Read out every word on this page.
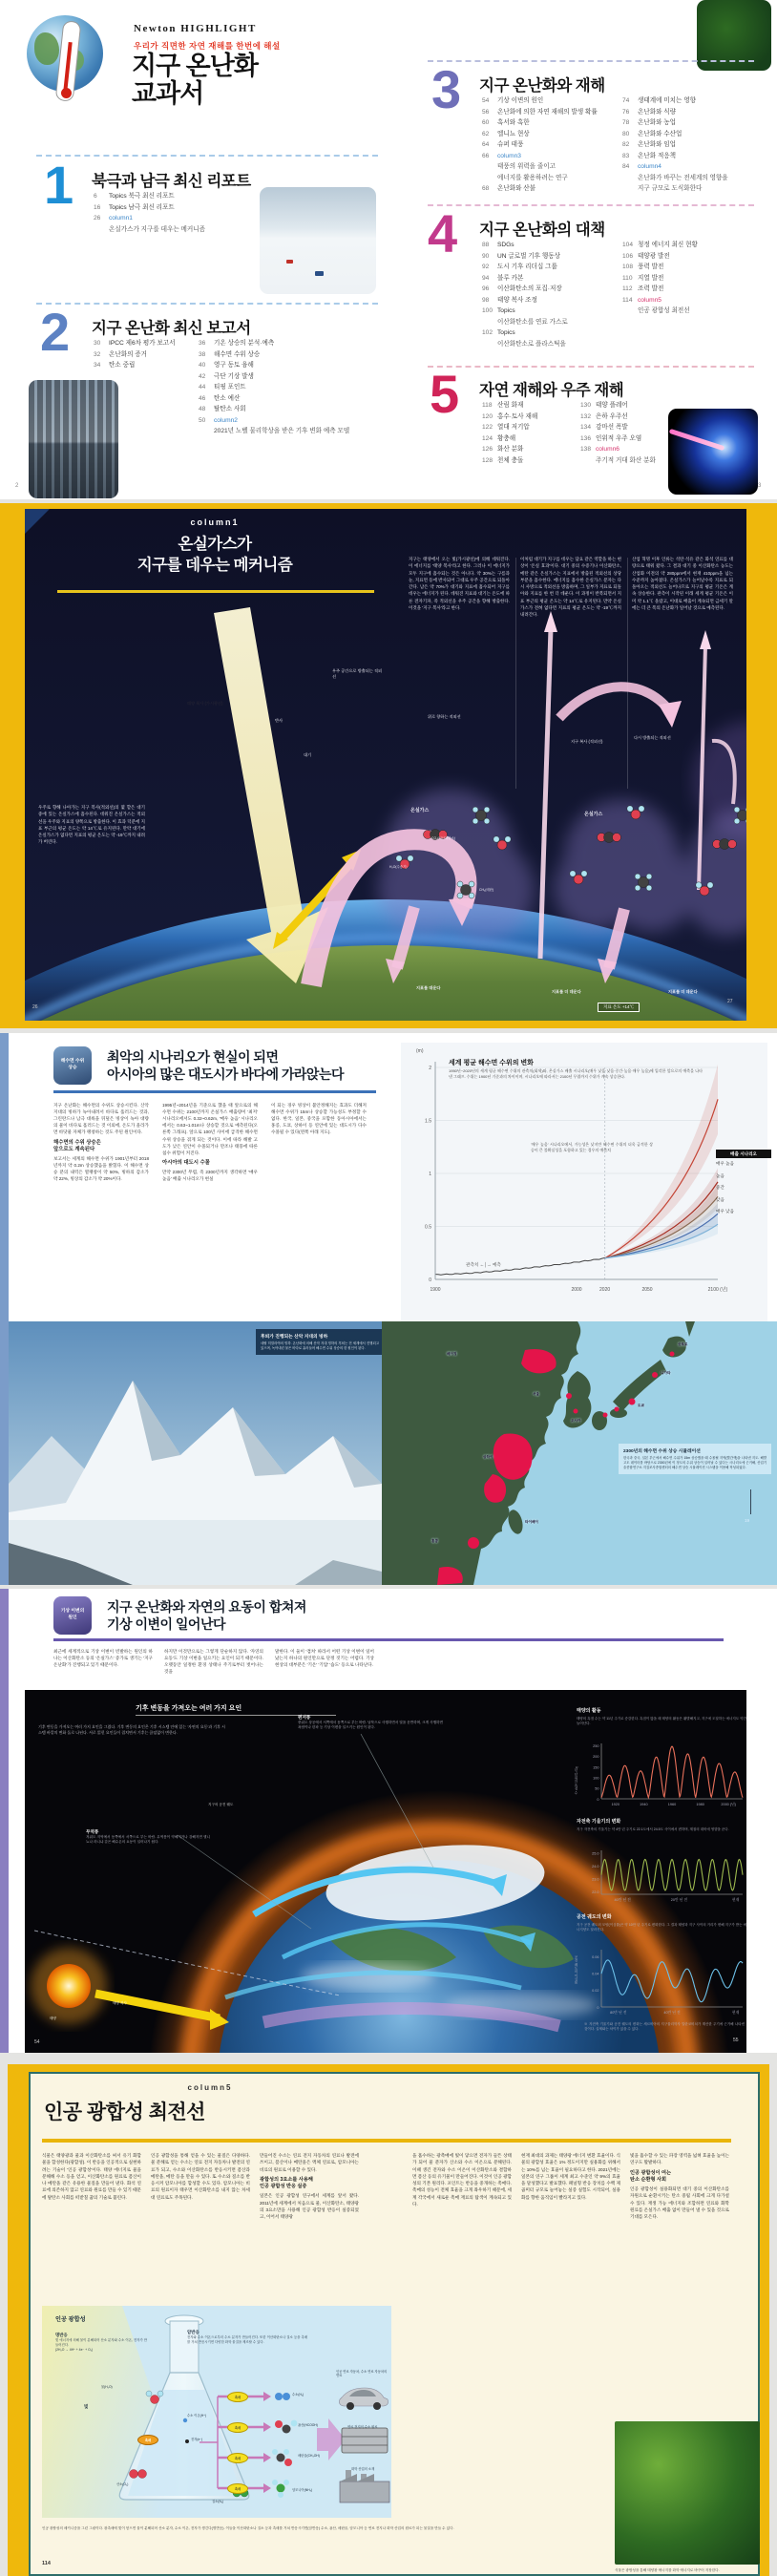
Newton HIGHLIGHT
우리가 직면한 자연 재해를 한번에 해설
지구 온난화
교과서
1 북극과 남극 최신 리포트
6	Topics 북극 최신 리포트
16	Topics 남극 최신 리포트
26	column1
온실가스가 지구를 데우는 메커니즘
2 지구 온난화 최신 보고서
30	IPCC 제6차 평가 보고서
32	온난화의 증거
34	탄소 중립
36	기온 상승의 분석·예측
38	해수면 수위 상승
40	영구 동토 융해
42	극단 기상 발생
44	티핑 포인트
46	탄소 예산
48	탈탄소 사회
50	column2
2021년 노벨 물리학상을 받은 기후 변화 예측 모델
3 지구 온난화와 재해
54	기상 이변의 원인
56	온난화에 의한 자연 재해의 발생 확률
60	혹서와 혹한
62	엘니뇨 현상
64	슈퍼 태풍
66	column3
태풍의 위력을 줄이고
에너지를 활용하려는 연구
68	온난화와 산불
74	생태계에 미치는 영향
76	온난화와 식량
78	온난화와 농업
80	온난화와 수산업
82	온난화와 임업
83	온난화 적응책
84	column4
온난화가 바꾸는 전세계의 영향을
지구 규모로 도식화한다
4 지구 온난화의 대책
88	SDGs
90	UN 글로벌 기후 행동상
92	도시 기후 리더십 그룹
94	블루 카본
96	이산화탄소의 포집·저장
98	태양 복사 조정
100 Topics
이산화탄소를 연료 가스로
102 Topics
이산화탄소로 플라스틱을
104 청정 에너지 최신 현황
106 태양광 발전
108 풍력 발전
110 지열 발전
112 조력 발전
114 column5
인공 광합성 최전선
5 자연 재해와 우주 재해
118 산림 화재
120 홍수·토사 재해
122 열대 저기압
124 황충해
126 화산 분화
128 천체 충돌
130 태양 플레어
132 은하 우주선
134 감마선 폭발
136 인위적 우주 오염
138 column6
주기적 거대 화산 분화
2	3
column1
온실가스가
지구를 데우는 메커니즘	지구는 태양에서 오는 빛(가시광선)에 의해 데워진다. 이 에너지를 '태양 복사'라고 한다. 그러나 이 에너지가 모두 지구에 흡수되는 것은 아니다. 약 30%는 구름과 눈, 지표면 등에 반사되어 그대로 우주 공간으로 되돌아간다. 남은 약 70%가 대기와 지표에 흡수되어 지구를 데우는 에너지가 된다. 데워진 지표와 대기는 온도에 따른 전자기파, 즉 적외선을 우주 공간을 향해 방출한다. 이것을 '지구 복사'라고 한다.
이처럼 대기가 지구를 데우는 담요 같은 역할을 하는 현상이 '온실 효과'이다. 대기 중의 수증기나 이산화탄소, 메탄 같은 온실가스는 지표에서 방출된 적외선의 상당 부분을 흡수한다. 에너지를 흡수한 온실가스 분자는 다시 사방으로 적외선을 방출하며, 그 일부가 지표로 되돌아와 지표를 한 번 더 데운다. 이 과정이 반복되면서 지표 부근의 평균 온도는 약 14℃로 유지된다. 만약 온실가스가 전혀 없다면 지표의 평균 온도는 약 -19℃까지 내려간다.
산업 혁명 이후 인류는 석탄·석유 같은 화석 연료를 대량으로 태워 왔다. 그 결과 대기 중 이산화탄소 농도는 산업화 이전의 약 280ppm에서 현재 410ppm을 넘는 수준까지 높아졌다. 온실가스가 늘어날수록 지표로 되돌아오는 적외선도 늘어나므로 지구의 평균 기온은 계속 상승한다. 관측이 시작된 이래 세계 평균 기온은 이미 약 1.1℃ 올랐고, 이대로 배출이 계속되면 금세기 말에는 더 큰 폭의 온난화가 일어날 것으로 예측된다.
우주로 향해 나아가는 지구 복사(적외선)의 몇 할은 대기 중에 있는 온실가스에 흡수된다. 데워진 온실가스는 적외선을 우주와 지표의 양쪽으로 방출한다. 이 효과 덕분에 지표 부근의 평균 온도는 약 14℃로 유지된다. 만약 대기에 온실가스가 없다면 지표의 평균 온도는 약 -19℃까지 내려가 버린다.
태양 복사 (가시광선)
반사
대기
우주 공간으로 방출되는 적외선
위로 향하는 적외선
지구 복사 (적외선)
다시 방출되는 적외선
온실가스
온실가스
CO₂(이산화탄소)
H₂O(수증기)
CH₄(메탄)
지표를 데운다
지표를 더 데운다	지표를 더 데운다
지표 온도 +14℃
26
27
해수면 수위
상승
최악의 시나리오가 현실이 되면
아시아의 많은 대도시가 바다에 가라앉는다
지구 온난화는 해수면의 수위도 상승시킨다. 산악 지대의 빙하가 녹아내려서 바다로 흘러드는 것과, 그린란드나 남극 대륙을 뒤덮은 빙상이 녹아 대량의 물이 바다로 흘러드는 것 이외에, 온도가 올라가면 바닷물 자체가 팽창하는 것도 주된 원인이다.
해수면의 수위 상승은
앞으로도 계속된다
보고서는 세계의 해수면 수위가 1901년부터 2018년까지 약 0.2m 상승했음을 밝혔다. 이 해수면 상승 분의 내역은 열팽창이 약 50%, 빙하의 감소가 약 22%, 빙상의 감소가 약 20%이다.
1995년~2014년을 기준으로 했을 때 앞으로의 해수면 수위는 2100년까지 온실가스 배출량이 '최저' 시나리오에서도 0.32~0.62m, '매우 높음' 시나리오에서는 0.63~1.01m나 상승할 것으로 예측된다(오른쪽 그래프). 앞으로 100년 사이에 급격한 해수면 수위 상승을 겪게 되는 것이다. 이에 따라 해발 고도가 낮은 연안이 수몰되거나 만조나 태풍에 따른 침수 위험이 커진다.
아시아의 대도시 수몰
만약 2300년 무렵, 즉 2300년까지 생각하면 '매우 높음' 배출 시나리오가 현실
이 되는 경우 빙상이 불안정해지는 효과도 더해져 해수면 수위가 15m나 상승할 가능성도 부정할 수 없다. 한국, 일본, 중국을 포함한 동아시아에서는 홍콩, 도쿄, 상하이 등 연안에 있는 대도시가 다수 수몰될 수 있다(왼쪽 아래 지도).
0
0.5
1
1.5
2
1900	2000	2020	2050	2100 (년)
(m)
세계 평균 해수면 수위의 변화
1950년~2020년의 세계 평균 해수면 수위의 관측치(회색)와, 온실가스 배출 시나리오(매우 낮음·낮음·중간·높음·매우 높음)에 입각한 앞으로의 예측을 나타낸 그래프. 수위는 1900년 기준과의 차이이며, 시나리오에 따라서는 2100년 무렵까지 수위가 계속 상승한다.
'매우 높음' 시나리오에서, 가능성은 낮지만 해수면 수위의 더욱 급격한 상승이 큰 불확실성을 포함하고 있는 경우의 예측치
관측치 ←│→ 예측
배출 시나리오
매우 높음
높음
중간
낮음
매우 낮음
후퇴가 진행되는 산악 지대의 빙하
네팔 히말라야의 빙하. 온난화에 의해 산악 지대 빙하의 후퇴는 전 세계에서 진행되고 있으며, 녹아내린 물은 바다로 흘러들어 해수면 수위 상승의 한 원인이 된다.
베이징
서울
상하이
타이베이
홍콩
도쿄
오사카
니가타
삿포로
2300년의 해수면 수위 상승 시뮬레이션
한국과 중국, 일본 부근에서 해수면 수위가 15m 상승했을 때 수몰될 지역(빨간색)을 나타낸 지도. 해발 고도 데이터를 바탕으로 2300년에 이 정도의 수위 상승이 일어날 수 있다는 시나리오에 근거해, 산업기술종합연구소 지질조사종합센터의 해수면 상승 시뮬레이션 시스템을 이용해 작성되었다.
19
기상 이변의
원인
지구 온난화와 자연의 요동이 합쳐져
기상 이변이 일어난다
최근에 세계적으로 기상 이변이 빈발하는 원인의 하나는 이산화탄소 등의 '온실가스' 증가로 생기는 '지구 온난화'가 진행되고 있기 때문이다.
하지만 이것만으로는 그렇게 단순하지 않다. '자연의 요동'도 기상 이변을 일으키는 요인이 되기 때문이다. 오랫동안 일정한 환경 상태나 주기로부터 벗어나는 것을
말한다. 이 둘이 '겹쳐' 따라서 어떤 기상 이변이 일어났는지 하나의 원인만으로 단정 짓기는 어렵다. 기상 현상의 대부분은 '기온' '기압' '습도' 등으로 나타난다.
기후 변동을 가져오는 여러 가지 요인
기후 변동을 가져오는 여러 가지 요인을 그렸다. 기후 변동의 요인은 기후 시스템 안에 있는 '자연의 요동'과 기후 시스템 바깥의 변화 둘로 나뉜다. 서로 얽힌 요인들이 겹치면서 기후는 끊임없이 변한다.
편서풍
중위도 상공에서 서쪽에서 동쪽으로 부는 바람. 남북으로 사행하면서 열을 운반하며, 크게 사행하면 폭염이나 한파 등 기상 이변을 일으키는 원인이 된다.
지구의 공전 궤도
무역풍
저위도 지역에서 동쪽에서 서쪽으로 부는 바람. 무역풍이 약해지거나 강해지면 엘니뇨나 라니냐 같은 해수온의 요동이 일어나기 쉽다.
태양
태양 복사
태양의 활동
태양의 흑점 수는 약 11년 주기로 증감한다. 흑점이 많을 때 태양의 활동은 활발해지고, 지구에 도달하는 에너지도 약간 늘어난다.
1년 단위의 흑점 수
0
50
100
150
200
250
1920	1940	1960	1980	2000 (년)
자전축 기울기의 변화
지구 자전축의 기울기는 약 4만 년 주기로 22.1도에서 24.5도 사이에서 변하며, 계절의 대비에 영향을 준다.
22.0
23.0
24.0
25.0
40만 년 전	20만 년 전	현재
공전 궤도의 변화
지구 공전 궤도의 모양(이심률)은 약 10만 년 주기로 변화한다. 그 결과 태양과 지구 사이의 거리가 변해 지구가 받는 에너지양도 달라진다.
공전 궤도의 이심률
0
0.02
0.04
0.06
80만 년 전	40만 년 전	현재
※ 자전축 기울기와 공전 궤도의 변화는 세르비아의 지구물리학자 밀란코비치가 계산한 주기에 근거해 나타낸 것이다. 실제와는 차이가 있을 수 있다.
54	55
column5
인공 광합성 최전선
식물은 태양광과 물과 이산화탄소를 써서 유기 화합물을 합성한다(광합성). 이 반응을 인공적으로 실현하려는 기술이 '인공 광합성'이다. 태양 에너지로 물을 분해해 수소 등을 얻고, 이산화탄소를 원료로 폼산이나 메탄올 같은 유용한 물질을 만들어 낸다. 화석 연료에 의존하지 않고 연료와 원료를 만들 수 있기 때문에 탈탄소 사회를 떠받칠 꿈의 기술로 불린다.
인공 광합성을 통해 얻을 수 있는 물질은 다양하다. 물 분해로 얻는 수소는 연료 전지 자동차나 발전의 연료가 되고, 수소와 이산화탄소를 반응시키면 폼산과 메탄올, 메탄 등을 만들 수 있다. 또 수소와 질소를 반응시켜 암모니아를 합성할 수도 있다. 암모니아는 비료의 원료이자 태우면 이산화탄소를 내지 않는 차세대 연료로도 주목된다.
만들어진 수소는 연료 전지 자동차의 연료나 발전에 쓰이고, 폼산이나 메탄올은 액체 연료로, 암모니아는 비료의 원료로 이용할 수 있다.
광합성의 3요소를 사용해
인공 광합성 반응 실증
일본은 인공 광합성 연구에서 세계를 앞서 왔다. 2011년에 세계에서 처음으로 물, 이산화탄소, 태양광의 3요소만을 사용해 인공 광합성 반응이 실증되었고, 이어서 태양광
을 흡수하는 광촉매에 빛이 닿으면 전자가 들뜬 상태가 되어 물 분자가 산소와 수소 이온으로 분해된다. 이때 생긴 전자와 수소 이온이 이산화탄소와 결합하면 폼산 등의 유기물이 만들어진다. 이것이 인공 광합성의 기본 원리다. 포인트는 반응을 중개하는 촉매다. 촉매의 성능이 전체 효율을 크게 좌우하기 때문에, 세계 각국에서 새로운 촉매 재료의 탐색이 계속되고 있다.
현재 최대의 과제는 태양광 에너지 변환 효율이다. 식물의 광합성 효율은 1% 정도이지만 실용화를 위해서는 10%를 넘는 효율이 필요하다고 한다. 2021년에는 일본의 연구 그룹이 세계 최고 수준인 약 9%의 효율을 달성했다고 발표했다. 패널형 반응 장치를 수백 제곱미터 규모로 늘어놓는 실증 실험도 시작되어, 실용화를 향한 움직임이 빨라지고 있다.
빛을 흡수할 수 있는 파장 영역을 넓혀 효율을 높이는 연구도 활발하다.
인공 광합성이 여는
탄소 순환형 사회
인공 광합성이 실용화되면 대기 중의 이산화탄소를 자원으로 순환시키는 탄소 중립 사회에 크게 다가설 수 있다. 재생 가능 에너지와 조합하면 연료와 화학 원료를 온실가스 배출 없이 만들어 낼 수 있을 것으로 기대를 모은다.
인공 광합성
명반응
빛 에너지에 의해 물이 분해되어 산소 분자와 수소 이온, 전자가 만들어진다.
(2H₂O → 4H⁺ + 4e⁻ + O₂)
암반응
전자와 수소 이온으로부터 수소 분자가 만들어진다. 또한 이산화탄소나 질소 등을 촉매를 거쳐 반응시키면 다양한 화학 물질을 제조할 수 있다.
빛
물(H₂O)
수소 이온(H⁺)
전자(e⁻)
촉매
산소(O₂)
질소(N₂)
촉매
촉매
촉매
촉매
수소(H₂)
폼산(HCOOH)
메탄올(CH₃OH)
암모니아(NH₃)
인공 연료 자동차, 수소 연료 자동차의 연료
연료 전지의 수소 원료
화학 산업의 소재
인공 광합성의 메커니즘을 그린 그림이다. 광촉매에 빛이 닿으면 물이 분해되어 산소 분자, 수소 이온, 전자가 생긴다(명반응). 이들을 이산화탄소나 질소 등과 촉매를 거쳐 반응시키면(암반응) 수소, 폼산, 메탄올, 암모니아 등 연료 전지나 화학 산업의 원료가 되는 물질을 만들 수 있다.
114
식물은 광합성을 통해 태양광 에너지를 화학 에너지로 바꾸어 저장한다.
